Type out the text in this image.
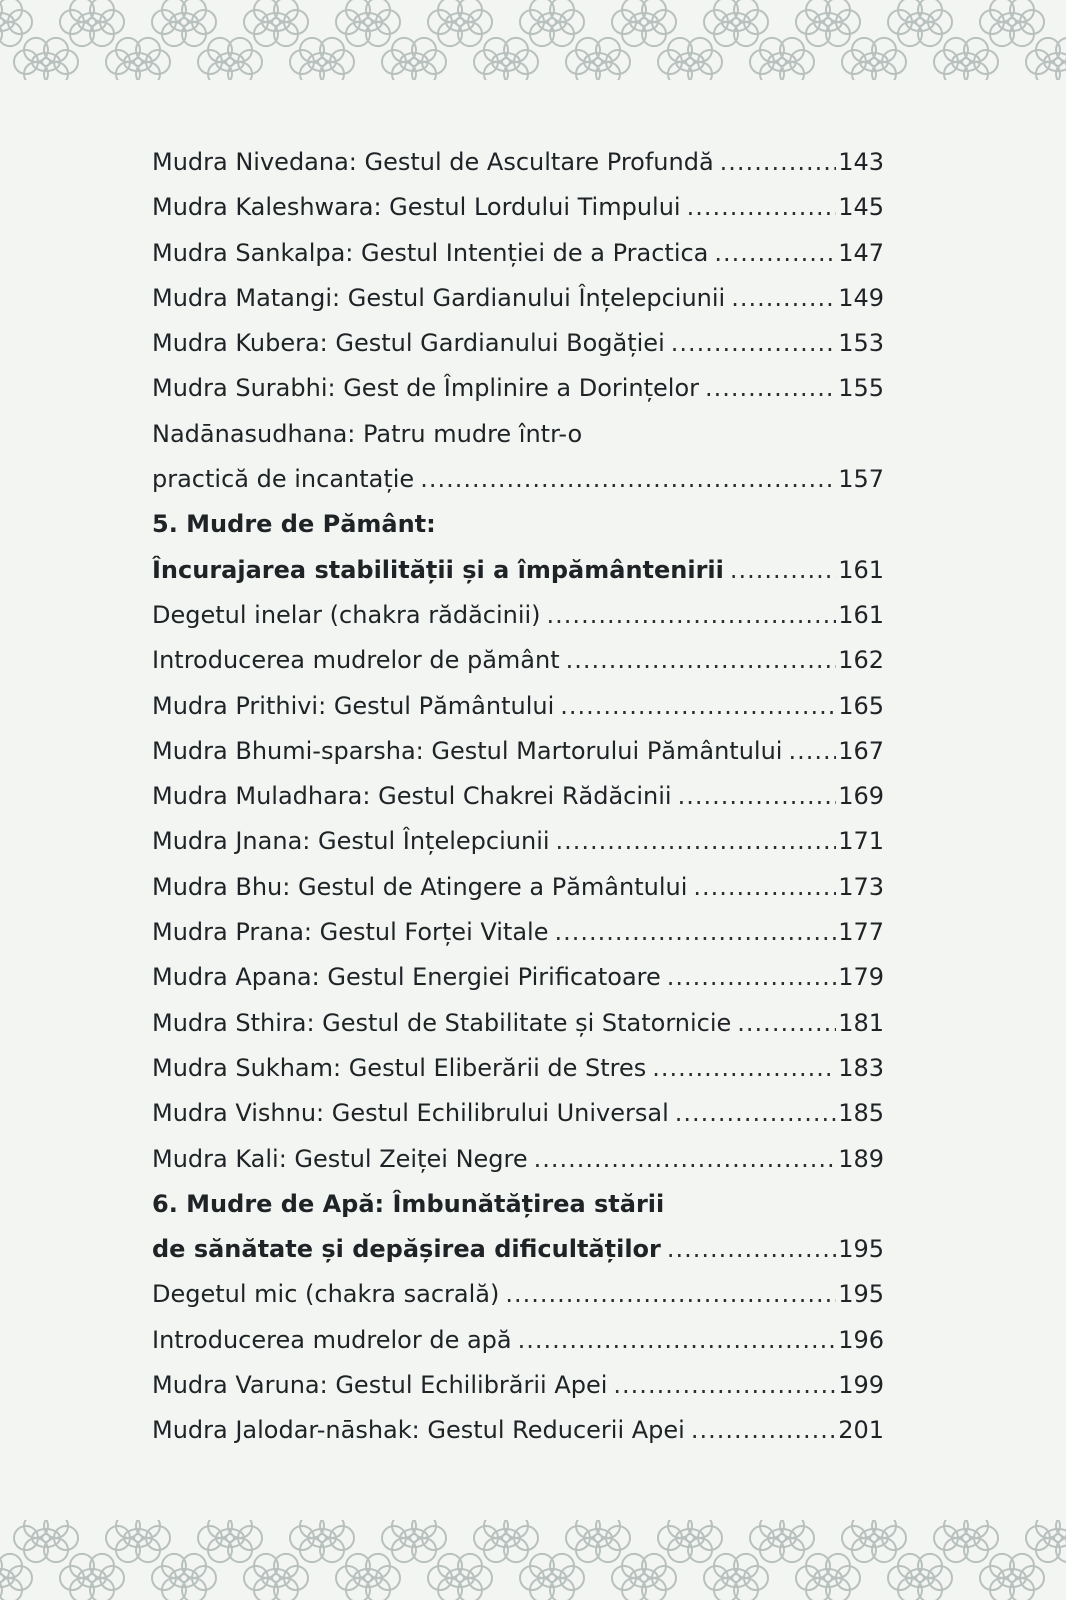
Mudra Nivedana: Gestul de Ascultare Profundă .....	143
Mudra Kaleshwara: Gestul Lordului Timpului .....	145
Mudra Sankalpa: Gestul Intenției de a Practica .....	147
Mudra Matangi: Gestul Gardianului Înțelepciunii .....	149
Mudra Kubera: Gestul Gardianului Bogăției .....	153
Mudra Surabhi: Gest de Împlinire a Dorințelor .....	155
Nadānasudhana: Patru mudre într-o
practică de incantație .....	157
5. Mudre de Pământ:
Încurajarea stabilității și a împământenirii .....	161
Degetul inelar (chakra rădăcinii) .....	161
Introducerea mudrelor de pământ .....	162
Mudra Prithivi: Gestul Pământului .....	165
Mudra Bhumi-sparsha: Gestul Martorului Pământului ..... 167
Mudra Muladhara: Gestul Chakrei Rădăcinii .....	169
Mudra Jnana: Gestul Înțelepciunii .....	171
Mudra Bhu: Gestul de Atingere a Pământului .....	173
Mudra Prana: Gestul Forței Vitale .....	177
Mudra Apana: Gestul Energiei Pirificatoare .....	179
Mudra Sthira: Gestul de Stabilitate și Statornicie .....	181
Mudra Sukham: Gestul Eliberării de Stres .....	183
Mudra Vishnu: Gestul Echilibrului Universal .....	185
Mudra Kali: Gestul Zeiței Negre .....	189
6. Mudre de Apă: Îmbunătățirea stării
de sănătate și depășirea dificultăților .....	195
Degetul mic (chakra sacrală) .....	195
Introducerea mudrelor de apă .....	196
Mudra Varuna: Gestul Echilibrării Apei .....	199
Mudra Jalodar-nāshak: Gestul Reducerii Apei .....	201
